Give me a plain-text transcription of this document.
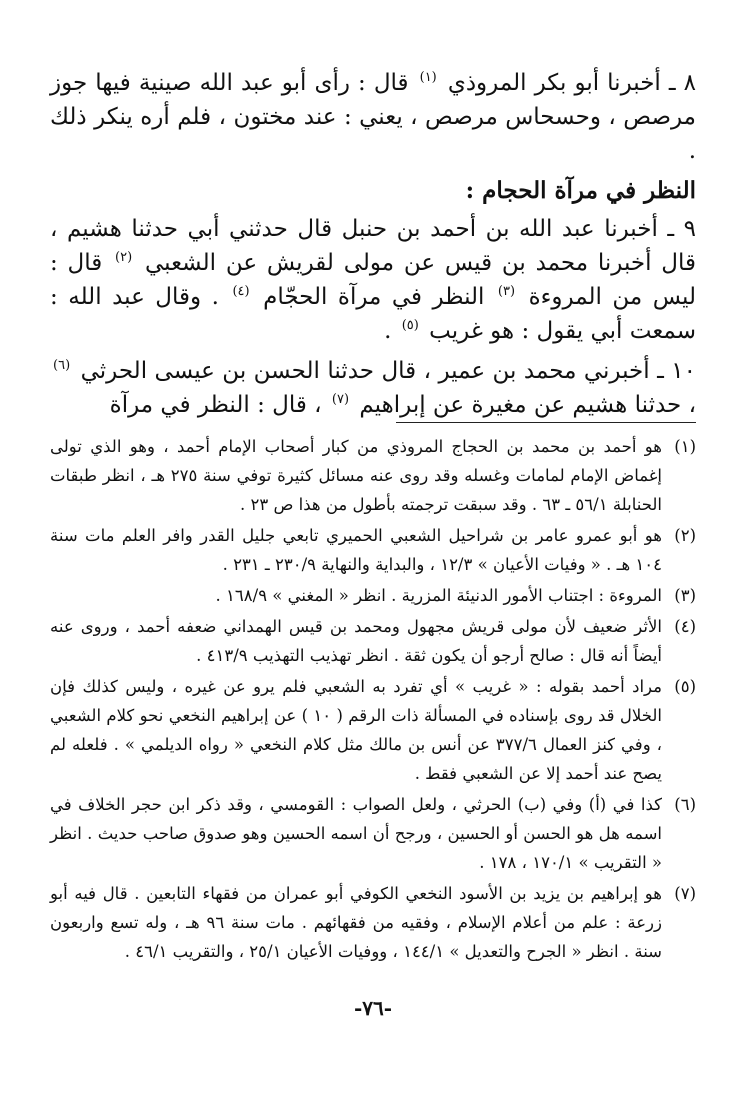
٨ ـ أخبرنا أبو بكر المروذي $^{(١)}$ قال : رأى أبو عبد الله صينية فيها جوز مرصص ، وحسحاس مرصص ، يعني : عند مختون ، فلم أره ينكر ذلك .

النظر في مرآة الحجام :

٩ ـ أخبرنا عبد الله بن أحمد بن حنبل قال حدثني أبي حدثنا هشيم ، قال أخبرنا محمد بن قيس عن مولى لقريش عن الشعبي $^{(٢)}$ قال : ليس من المروءة $^{(٣)}$ النظر في مرآة الحجّام $^{(٤)}$ . وقال عبد الله : سمعت أبي يقول : هو غريب $^{(٥)}$ .

١٠ ـ أخبرني محمد بن عمير ، قال حدثنا الحسن بن عيسى الحرثي $^{(٦)}$ ، حدثنا هشيم عن مغيرة عن إبراهيم $^{(٧)}$ ، قال : النظر في مرآة

(١)
هو أحمد بن محمد بن الحجاج المروذي من كبار أصحاب الإمام أحمد ، وهو الذي تولى إغماض الإمام لمامات وغسله وقد روى عنه مسائل كثيرة توفي سنة ٢٧٥ هـ ، انظر طبقات الحنابلة ٥٦/١ ـ ٦٣ . وقد سبقت ترجمته بأطول من هذا ص ٢٣ .
(٢)
هو أبو عمرو عامر بن شراحيل الشعبي الحميري تابعي جليل القدر وافر العلم مات سنة ١٠٤ هـ . « وفيات الأعيان » ١٢/٣ ، والبداية والنهاية ٢٣٠/٩ ـ ٢٣١ .
(٣)
المروءة : اجتناب الأمور الدنيئة المزرية . انظر « المغني » ١٦٨/٩ .
(٤)
الأثر ضعيف لأن مولى قريش مجهول ومحمد بن قيس الهمداني ضعفه أحمد ، وروى عنه أيضاً أنه قال : صالح أرجو أن يكون ثقة . انظر تهذيب التهذيب ٤١٣/٩ .
(٥)
مراد أحمد بقوله : « غريب » أي تفرد به الشعبي فلم يرو عن غيره ، وليس كذلك فإن الخلال قد روى بإسناده في المسألة ذات الرقم ( ١٠ ) عن إبراهيم النخعي نحو كلام الشعبي ، وفي كنز العمال ٣٧٧/٦ عن أنس بن مالك مثل كلام النخعي « رواه الديلمي » . فلعله لم يصح عند أحمد إلا عن الشعبي فقط .
(٦)
كذا في (أ) وفي (ب) الحرثي ، ولعل الصواب : القومسي ، وقد ذكر ابن حجر الخلاف في اسمه هل هو الحسن أو الحسين ، ورجح أن اسمه الحسين وهو صدوق صاحب حديث . انظر « التقريب » ١٧٠/١ ، ١٧٨ .
(٧)
هو إبراهيم بن يزيد بن الأسود النخعي الكوفي أبو عمران من فقهاء التابعين . قال فيه أبو زرعة : علم من أعلام الإسلام ، وفقيه من فقهائهم . مات سنة ٩٦ هـ ، وله تسع واربعون سنة . انظر « الجرح والتعديل » ١٤٤/١ ، ووفيات الأعيان ٢٥/١ ، والتقريب ٤٦/١ .
-٧٦-
